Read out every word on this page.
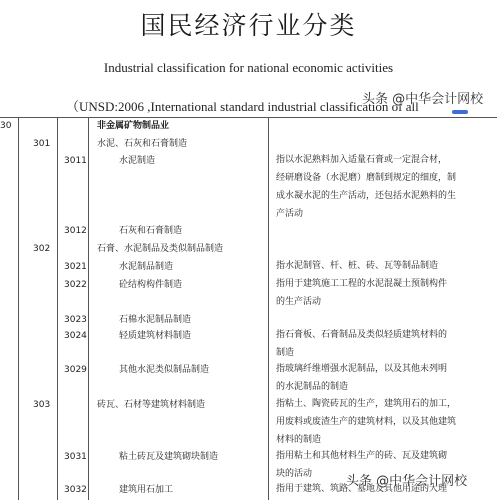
国民经济行业分类
Industrial classification for national economic activities
（UNSD:2006 ,International standard industrial classification of all
头条 @中华会计网校
30	非金属矿物制品业
301	水泥、石灰和石膏制造
3011	水泥制造	指以水泥熟料加入适量石膏或一定混合材，
经研磨设备（水泥磨）磨制到规定的细度，制
成水凝水泥的生产活动，还包括水泥熟料的生
产活动
3012	石灰和石膏制造
302	石膏、水泥制品及类似制品制造
3021	水泥制品制造	指水泥制管、杆、桩、砖、瓦等制品制造
3022	砼结构构件制造	指用于建筑施工工程的水泥混凝土预制构件
的生产活动
3023	石棉水泥制品制造
3024	轻质建筑材料制造	指石膏板、石膏制品及类似轻质建筑材料的
制造
3029	其他水泥类似制品制造	指玻璃纤维增强水泥制品，以及其他未列明
的水泥制品的制造
303	砖瓦、石材等建筑材料制造	指粘土、陶瓷砖瓦的生产，建筑用石的加工，
用废料或废渣生产的建筑材料，以及其他建筑
材料的制造
3031	粘土砖瓦及建筑砌块制造	指用粘土和其他材料生产的砖、瓦及建筑砌
块的活动
3032	建筑用石加工	指用于建筑、筑路、墓地及其他用途的大理
头条 @中华会计网校
